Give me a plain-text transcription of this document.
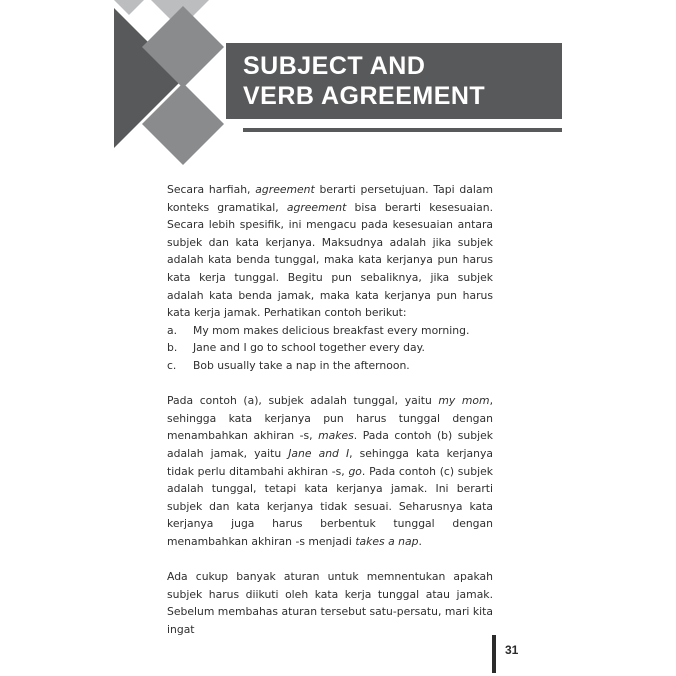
SUBJECT AND
VERB AGREEMENT

Secara harfiah, agreement berarti persetujuan. Tapi dalam konteks gramatikal, agreement bisa berarti kesesuaian. Secara lebih spesifik, ini mengacu pada kesesuaian antara subjek dan kata kerjanya. Maksudnya adalah jika subjek adalah kata benda tunggal, maka kata kerjanya pun harus kata kerja tunggal. Begitu pun sebaliknya, jika subjek adalah kata benda jamak, maka kata kerjanya pun harus kata kerja jamak. Perhatikan contoh berikut:

a.	My mom makes delicious breakfast every morning.
b.	Jane and I go to school together every day.
c.	Bob usually take a nap in the afternoon.

Pada contoh (a), subjek adalah tunggal, yaitu my mom, sehingga kata kerjanya pun harus tunggal dengan menambahkan akhiran -s, makes. Pada contoh (b) subjek adalah jamak, yaitu Jane and I, sehingga kata kerjanya tidak perlu ditambahi akhiran -s, go. Pada contoh (c) subjek adalah tunggal, tetapi kata kerjanya jamak. Ini berarti subjek dan kata kerjanya tidak sesuai. Seharusnya kata kerjanya juga harus berbentuk tunggal dengan menambahkan akhiran -s menjadi takes a nap.

Ada cukup banyak aturan untuk memnentukan apakah subjek harus diikuti oleh kata kerja tunggal atau jamak. Sebelum membahas aturan tersebut satu-persatu, mari kita ingat

31
